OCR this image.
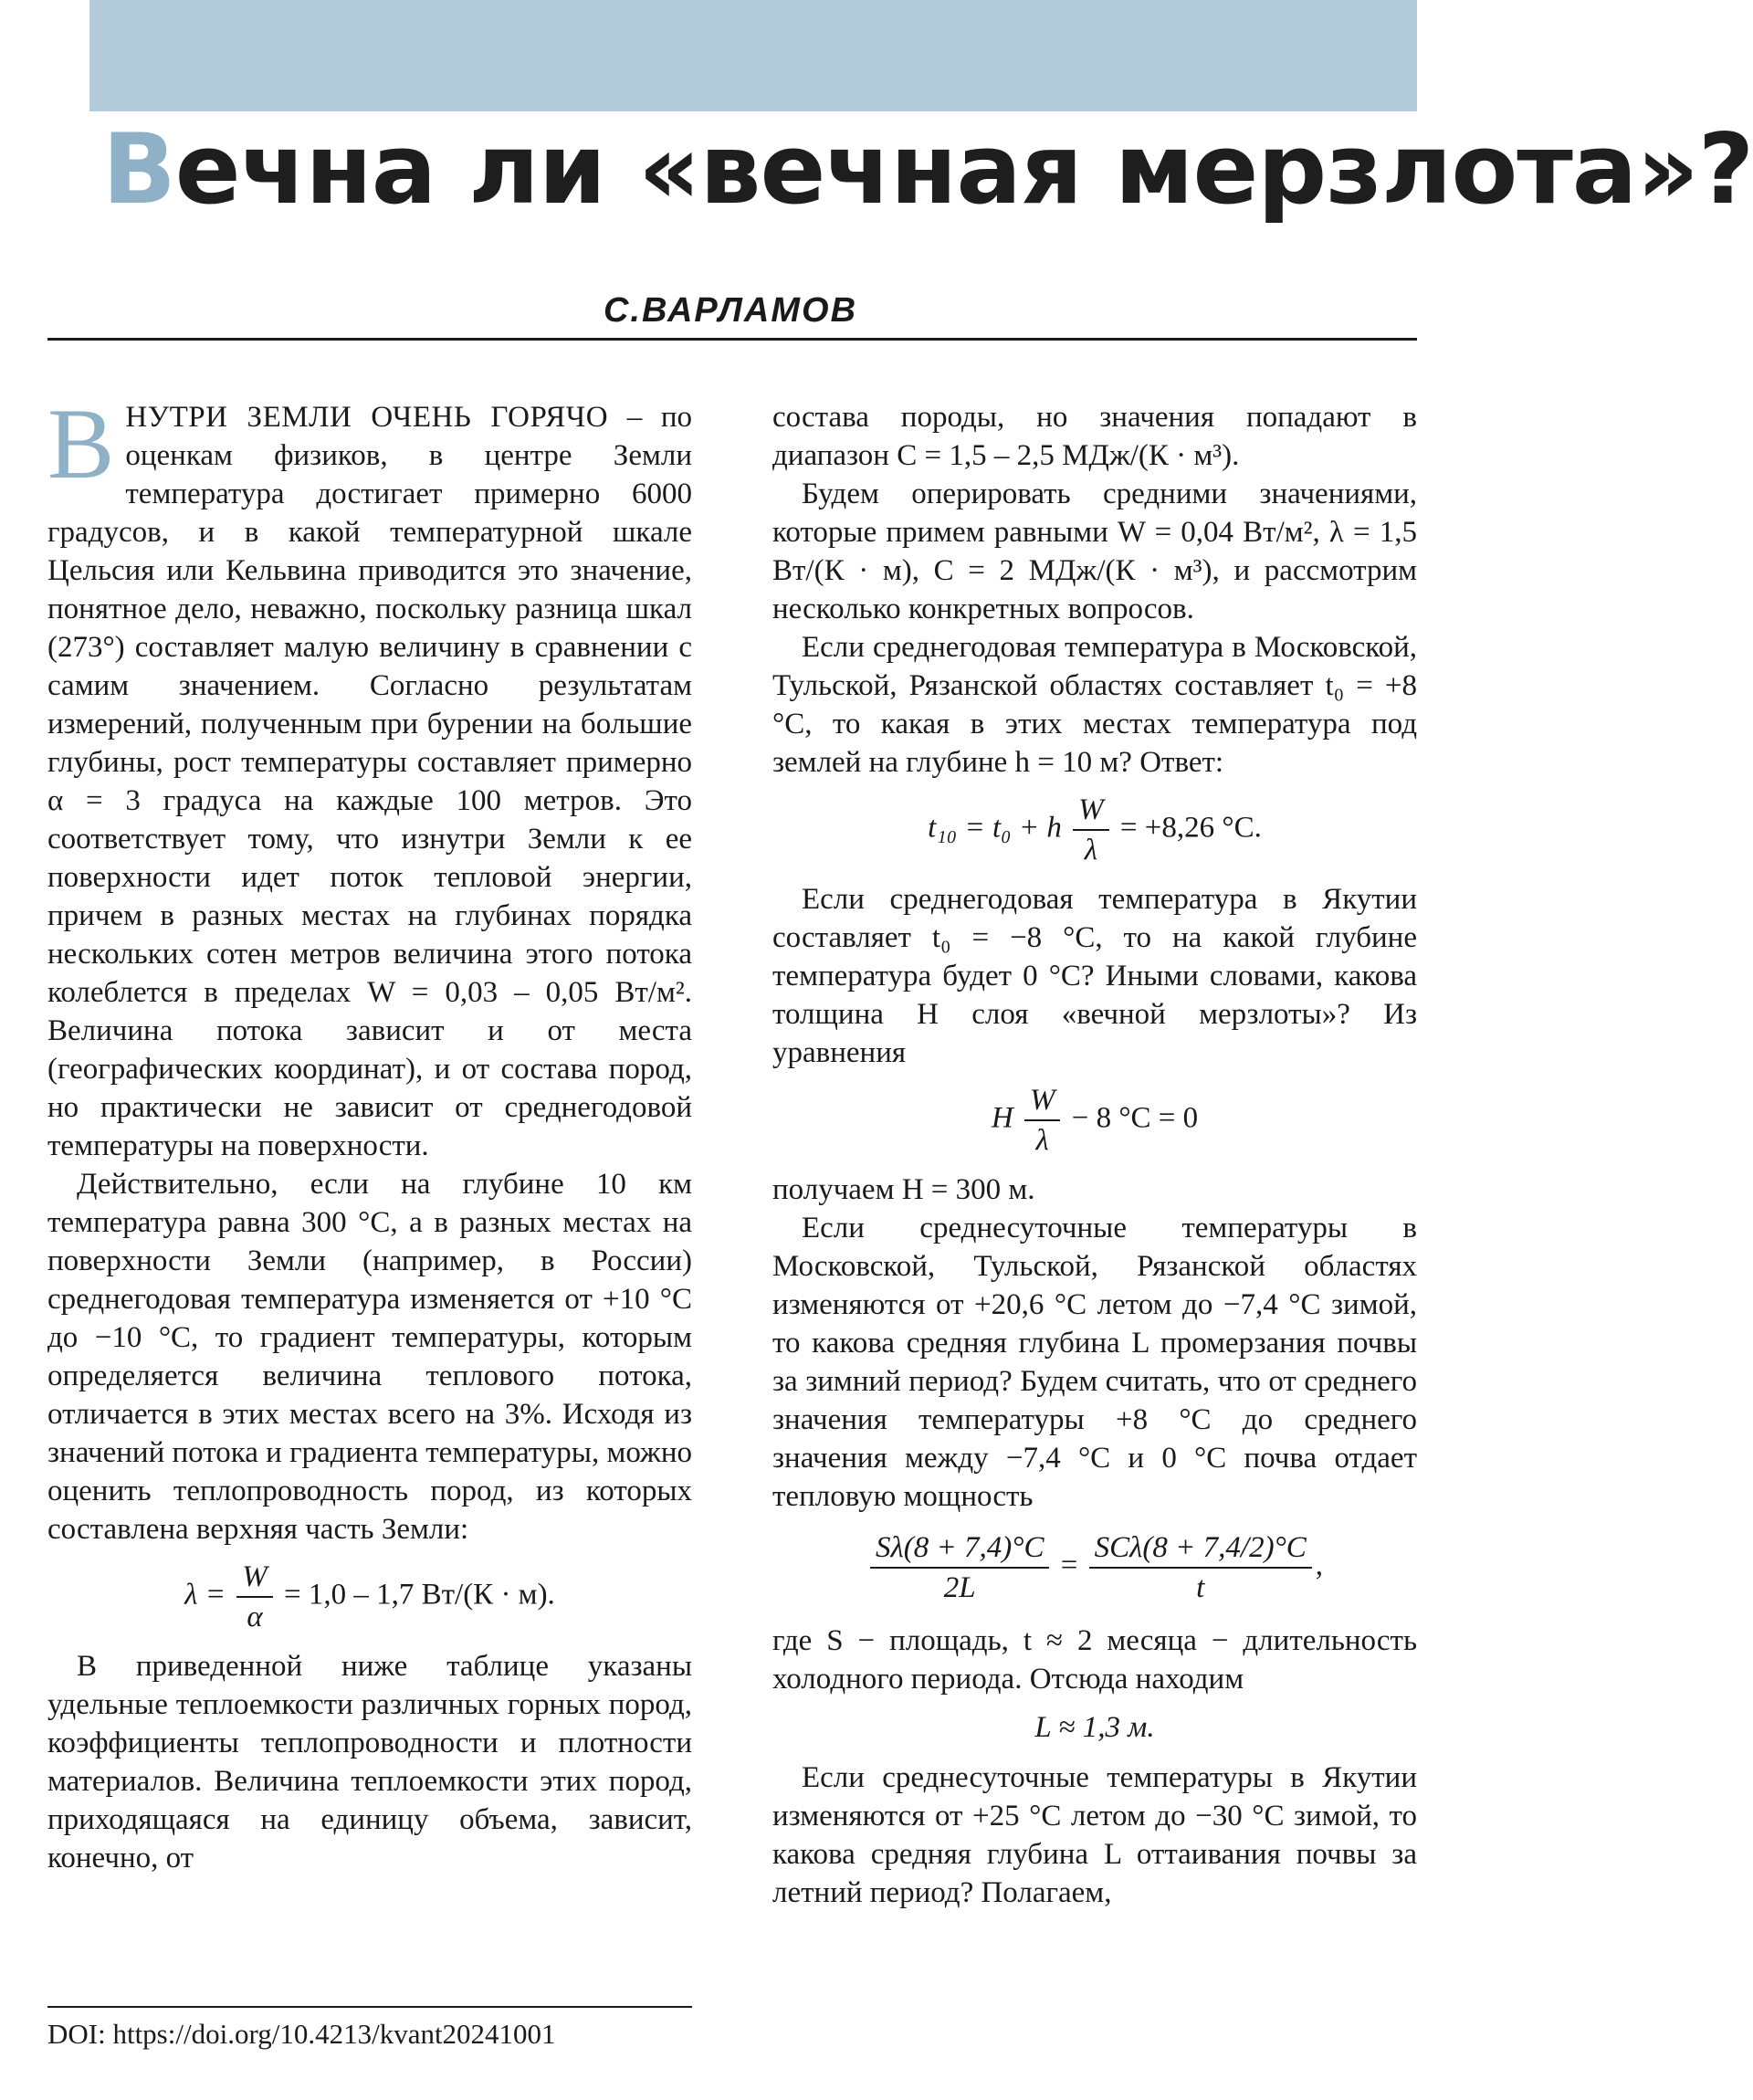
Вечна ли «вечная мерзлота»?
С.ВАРЛАМОВ

ВНУТРИ ЗЕМЛИ ОЧЕНЬ ГОРЯЧО – по оценкам физиков, в центре Земли температура достигает примерно 6000 градусов, и в какой температурной шкале Цельсия или Кельвина приводится это значение, понятное дело, неважно, поскольку разница шкал (273°) составляет малую величину в сравнении с самим значением. Согласно результатам измерений, полученным при бурении на большие глубины, рост температуры составляет примерно α = 3 градуса на каждые 100 метров. Это соответствует тому, что изнутри Земли к ее поверхности идет поток тепловой энергии, причем в разных местах на глубинах порядка нескольких сотен метров величина этого потока колеблется в пределах W = 0,03 – 0,05 Вт/м². Величина потока зависит и от места (географических координат), и от состава пород, но практически не зависит от среднегодовой температуры на поверхности.

Действительно, если на глубине 10 км температура равна 300 °С, а в разных местах на поверхности Земли (например, в России) среднегодовая температура изменяется от +10 °С до −10 °С, то градиент температуры, которым определяется величина теплового потока, отличается в этих местах всего на 3%. Исходя из значений потока и градиента температуры, можно оценить теплопроводность пород, из которых составлена верхняя часть Земли:

$\lambda = \frac{W}{\alpha} = 1,0 - 1,7$ Вт/(К · м).

В приведенной ниже таблице указаны удельные теплоемкости различных горных пород, коэффициенты теплопроводности и плотности материалов. Величина теплоемкости этих пород, приходящаяся на единицу объема, зависит, конечно, от

DOI: https://doi.org/10.4213/kvant20241001

состава породы, но значения попадают в диапазон C = 1,5 – 2,5 МДж/(К · м³).

Будем оперировать средними значениями, которые примем равными W = 0,04 Вт/м², λ = 1,5 Вт/(К · м), C = 2 МДж/(К · м³), и рассмотрим несколько конкретных вопросов.

Если среднегодовая температура в Московской, Тульской, Рязанской областях составляет t₀ = +8 °С, то какая в этих местах температура под землей на глубине h = 10 м? Ответ:

t₁₀ = t₀ + h $\frac{W}{\lambda} = +8,26$ °С.

Если среднегодовая температура в Якутии составляет t₀ = −8 °С, то на какой глубине температура будет 0 °С? Иными словами, какова толщина H слоя «вечной мерзлоты»? Из уравнения

H $\frac{W}{\lambda} - 8$ °С = 0

получаем H = 300 м.

Если среднесуточные температуры в Московской, Тульской, Рязанской областях изменяются от +20,6 °С летом до −7,4 °С зимой, то какова средняя глубина L промерзания почвы за зимний период? Будем считать, что от среднего значения температуры +8 °С до среднего значения между −7,4 °С и 0 °С почва отдает тепловую мощность

$\frac{S\lambda(8 + 7,4)^\circ С}{2L} = \frac{\text{SCλ(8 + 7,4/2)°С}}{t}$ ,

где S − площадь, t ≈ 2 месяца − длительность холодного периода. Отсюда находим

L ≈ 1,3 м.

Если среднесуточные температуры в Якутии изменяются от +25 °С летом до −30 °С зимой, то какова средняя глубина L оттаивания почвы за летний период? Полагаем,
